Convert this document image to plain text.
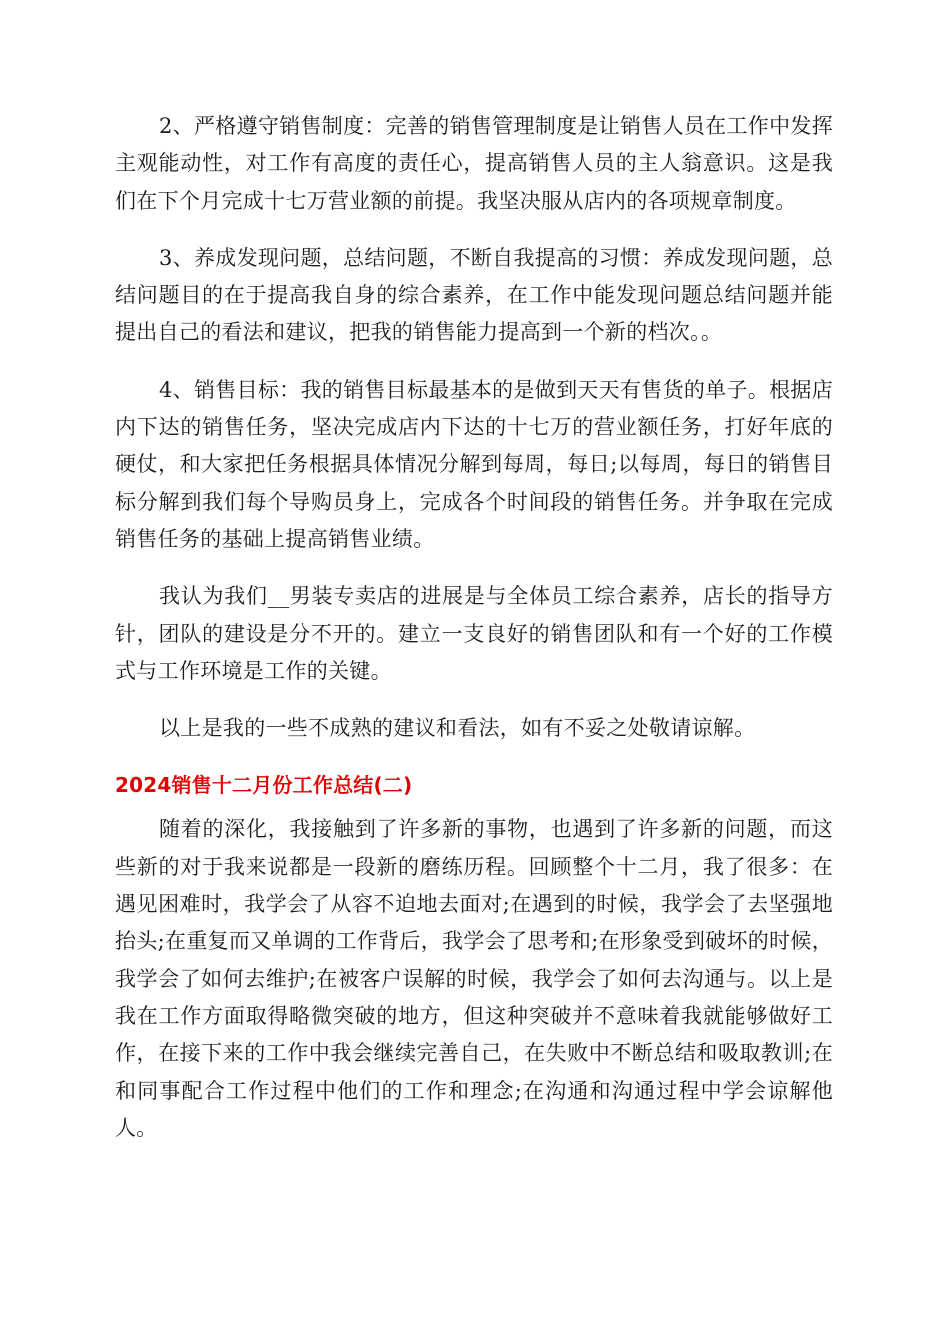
2、严格遵守销售制度：完善的销售管理制度是让销售人员在工作中发挥主观能动性，对工作有高度的责任心，提高销售人员的主人翁意识。这是我们在下个月完成十七万营业额的前提。我坚决服从店内的各项规章制度。

3、养成发现问题，总结问题，不断自我提高的习惯：养成发现问题，总结问题目的在于提高我自身的综合素养，在工作中能发现问题总结问题并能提出自己的看法和建议，把我的销售能力提高到一个新的档次。。

4、销售目标：我的销售目标最基本的是做到天天有售货的单子。根据店内下达的销售任务，坚决完成店内下达的十七万的营业额任务，打好年底的硬仗，和大家把任务根据具体情况分解到每周，每日;以每周，每日的销售目标分解到我们每个导购员身上，完成各个时间段的销售任务。并争取在完成销售任务的基础上提高销售业绩。

我认为我们__男装专卖店的进展是与全体员工综合素养，店长的指导方针，团队的建设是分不开的。建立一支良好的销售团队和有一个好的工作模式与工作环境是工作的关键。

以上是我的一些不成熟的建议和看法，如有不妥之处敬请谅解。

2024销售十二月份工作总结(二)

随着的深化，我接触到了许多新的事物，也遇到了许多新的问题，而这些新的对于我来说都是一段新的磨练历程。回顾整个十二月，我了很多：在遇见困难时，我学会了从容不迫地去面对;在遇到的时候，我学会了去坚强地抬头;在重复而又单调的工作背后，我学会了思考和;在形象受到破坏的时候，我学会了如何去维护;在被客户误解的时候，我学会了如何去沟通与。以上是我在工作方面取得略微突破的地方，但这种突破并不意味着我就能够做好工作，在接下来的工作中我会继续完善自己，在失败中不断总结和吸取教训;在和同事配合工作过程中他们的工作和理念;在沟通和沟通过程中学会谅解他人。
